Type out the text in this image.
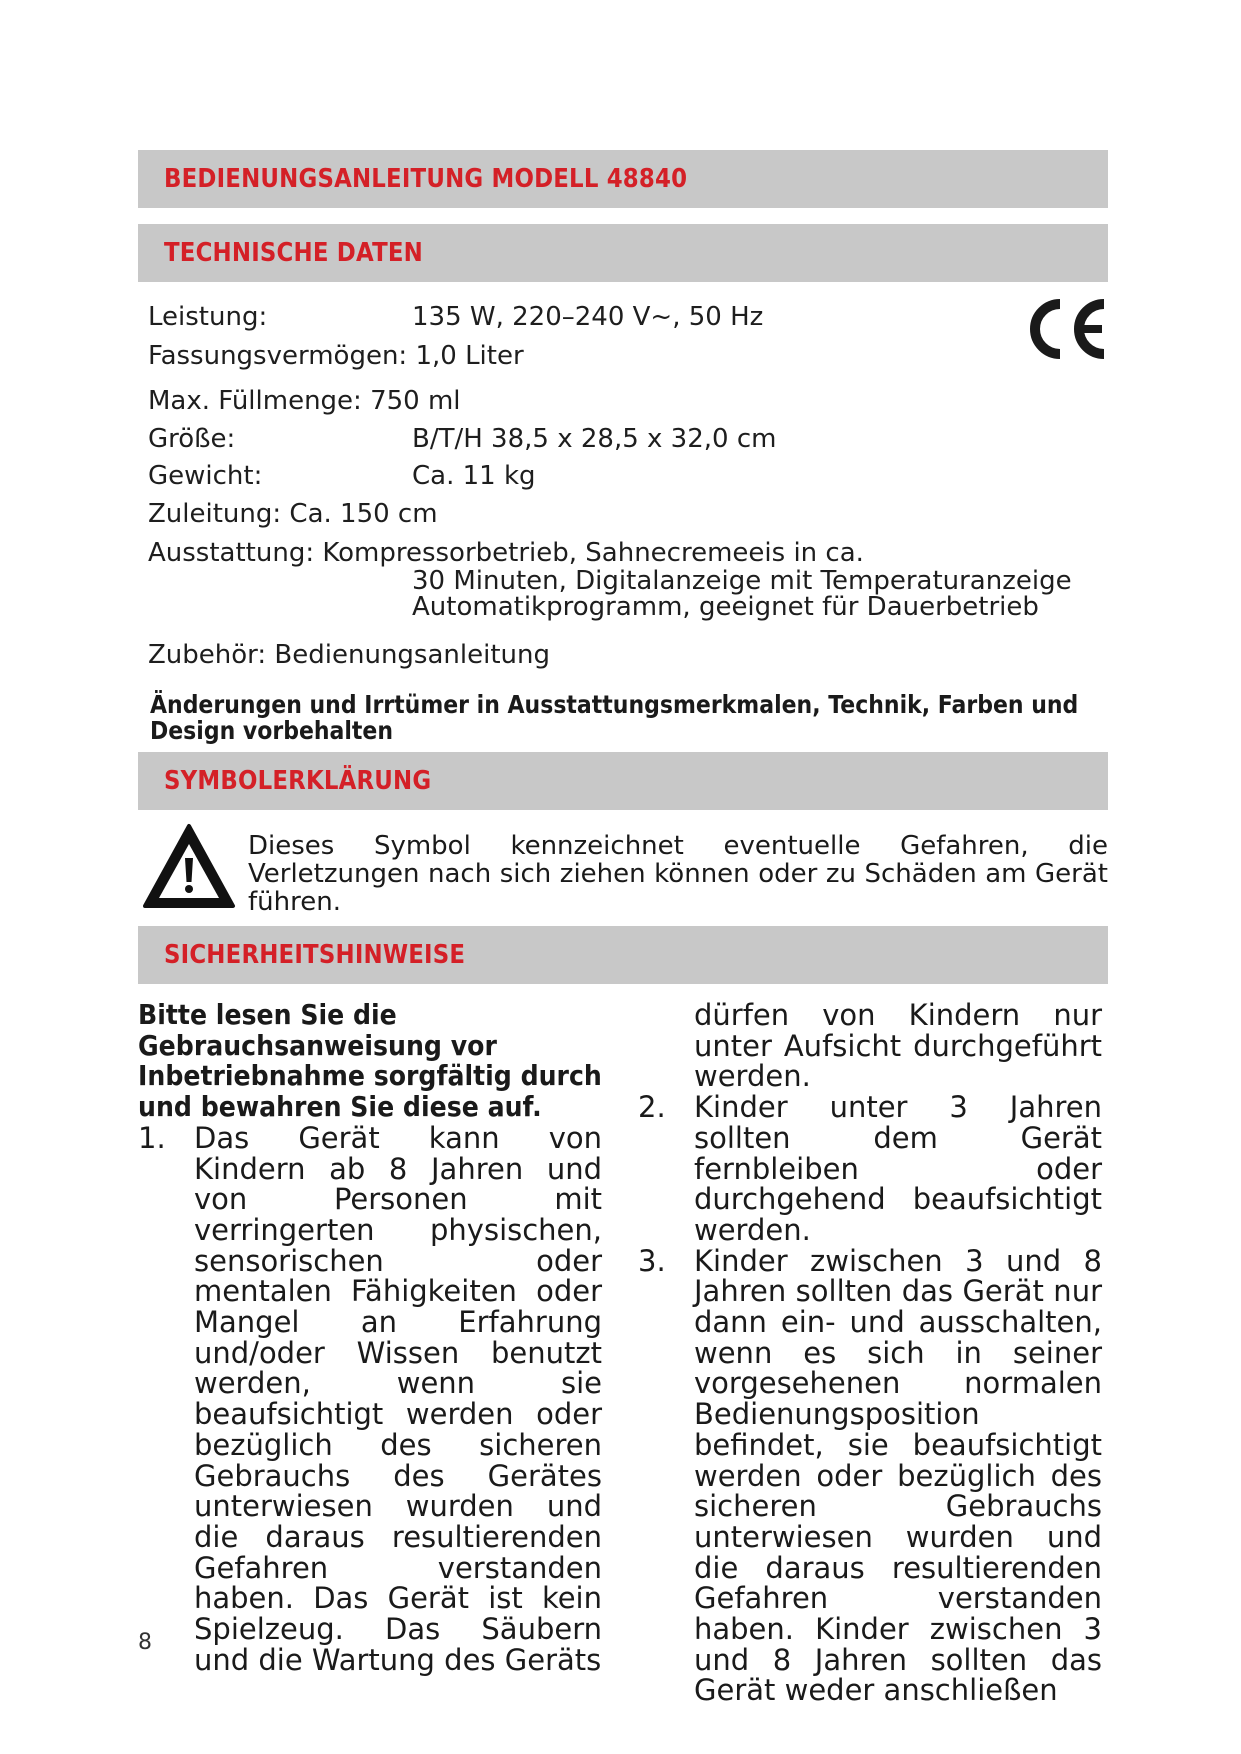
BEDIENUNGSANLEITUNG MODELL 48840
TECHNISCHE DATEN
Leistung:	135 W, 220–240 V~, 50 Hz
Fassungsvermögen: 1,0 Liter
Max. Füllmenge: 750 ml
Größe:	B/T/H 38,5 x 28,5 x 32,0 cm
Gewicht:	Ca. 11 kg
Zuleitung: Ca. 150 cm
Ausstattung: Kompressorbetrieb, Sahnecremeeis in ca.
30 Minuten, Digitalanzeige mit Temperaturanzeige
Automatikprogramm, geeignet für Dauerbetrieb
Zubehör: Bedienungsanleitung
Änderungen und Irrtümer in Ausstattungsmerkmalen, Technik, Farben und Design vorbehalten
SYMBOLERKLÄRUNG
Dieses Symbol kennzeichnet eventuelle Gefahren, die Verletzungen nach sich ziehen können oder zu Schäden am Gerät führen.
SICHERHEITSHINWEISE

Bitte lesen Sie die Gebrauchsanweisung vor Inbetriebnahme sorgfältig durch und bewahren Sie diese auf.

1. Das Gerät kann von Kindern ab 8 Jahren und von Personen mit verringerten physischen, sensorischen oder mentalen Fähigkeiten oder Mangel an Erfahrung und/oder Wissen benutzt werden, wenn sie beaufsichtigt werden oder bezüglich des sicheren Gebrauchs des Gerätes unterwiesen wurden und die daraus resultierenden Gefahren verstanden haben. Das Gerät ist kein Spielzeug. Das Säubern und die Wartung des Geräts

dürfen von Kindern nur unter Aufsicht durchgeführt werden.

2. Kinder unter 3 Jahren sollten dem Gerät fernbleiben oder durchgehend beaufsichtigt werden.

3. Kinder zwischen 3 und 8 Jahren sollten das Gerät nur dann ein- und ausschalten, wenn es sich in seiner vorgesehenen normalen Bedienungsposition befindet, sie beaufsichtigt werden oder bezüglich des sicheren Gebrauchs unterwiesen wurden und die daraus resultierenden Gefahren verstanden haben. Kinder zwischen 3 und 8 Jahren sollten das Gerät weder anschließen

8
